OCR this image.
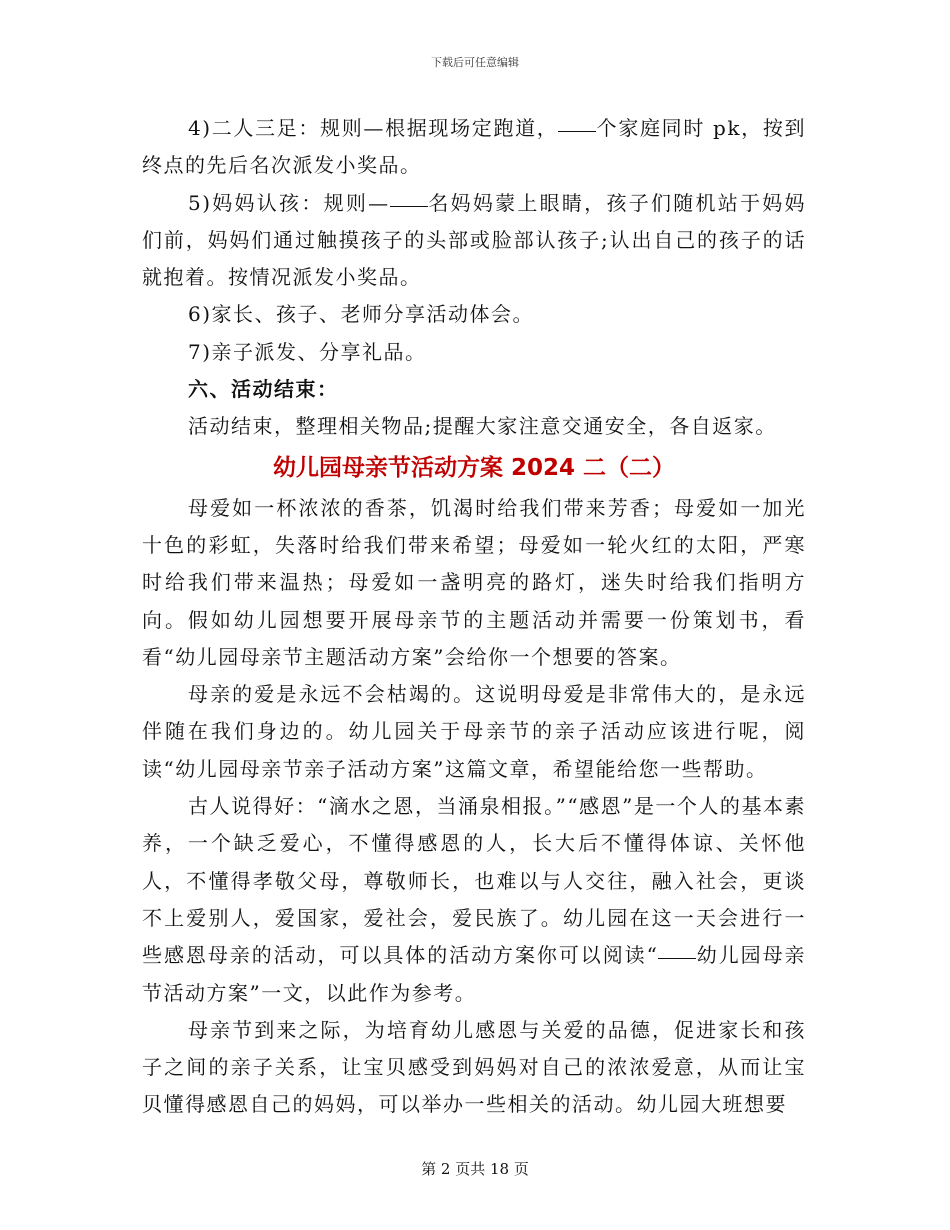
下载后可任意编辑

4)二人三足：规则—根据现场定跑道， 个家庭同时 pk，按到终点的先后名次派发小奖品。

5)妈妈认孩：规则— 名妈妈蒙上眼睛，孩子们随机站于妈妈们前，妈妈们通过触摸孩子的头部或脸部认孩子;认出自己的孩子的话就抱着。按情况派发小奖品。

6)家长、孩子、老师分享活动体会。

7)亲子派发、分享礼品。

六、活动结束：

活动结束，整理相关物品;提醒大家注意交通安全，各自返家。

幼儿园母亲节活动方案 2024 二（二）

母爱如一杯浓浓的香茶，饥渴时给我们带来芳香；母爱如一加光十色的彩虹，失落时给我们带来希望；母爱如一轮火红的太阳，严寒时给我们带来温热；母爱如一盏明亮的路灯，迷失时给我们指明方向。假如幼儿园想要开展母亲节的主题活动并需要一份策划书，看看“幼儿园母亲节主题活动方案”会给你一个想要的答案。

母亲的爱是永远不会枯竭的。这说明母爱是非常伟大的，是永远伴随在我们身边的。幼儿园关于母亲节的亲子活动应该进行呢，阅读“幼儿园母亲节亲子活动方案”这篇文章，希望能给您一些帮助。

古人说得好：“滴水之恩，当涌泉相报。”“感恩”是一个人的基本素养，一个缺乏爱心，不懂得感恩的人，长大后不懂得体谅、关怀他人，不懂得孝敬父母，尊敬师长，也难以与人交往，融入社会，更谈不上爱别人，爱国家，爱社会，爱民族了。幼儿园在这一天会进行一些感恩母亲的活动，可以具体的活动方案你可以阅读“ 幼儿园母亲节活动方案”一文，以此作为参考。

母亲节到来之际，为培育幼儿感恩与关爱的品德，促进家长和孩子之间的亲子关系，让宝贝感受到妈妈对自己的浓浓爱意，从而让宝贝懂得感恩自己的妈妈，可以举办一些相关的活动。幼儿园大班想要

第 2 页共 18 页
